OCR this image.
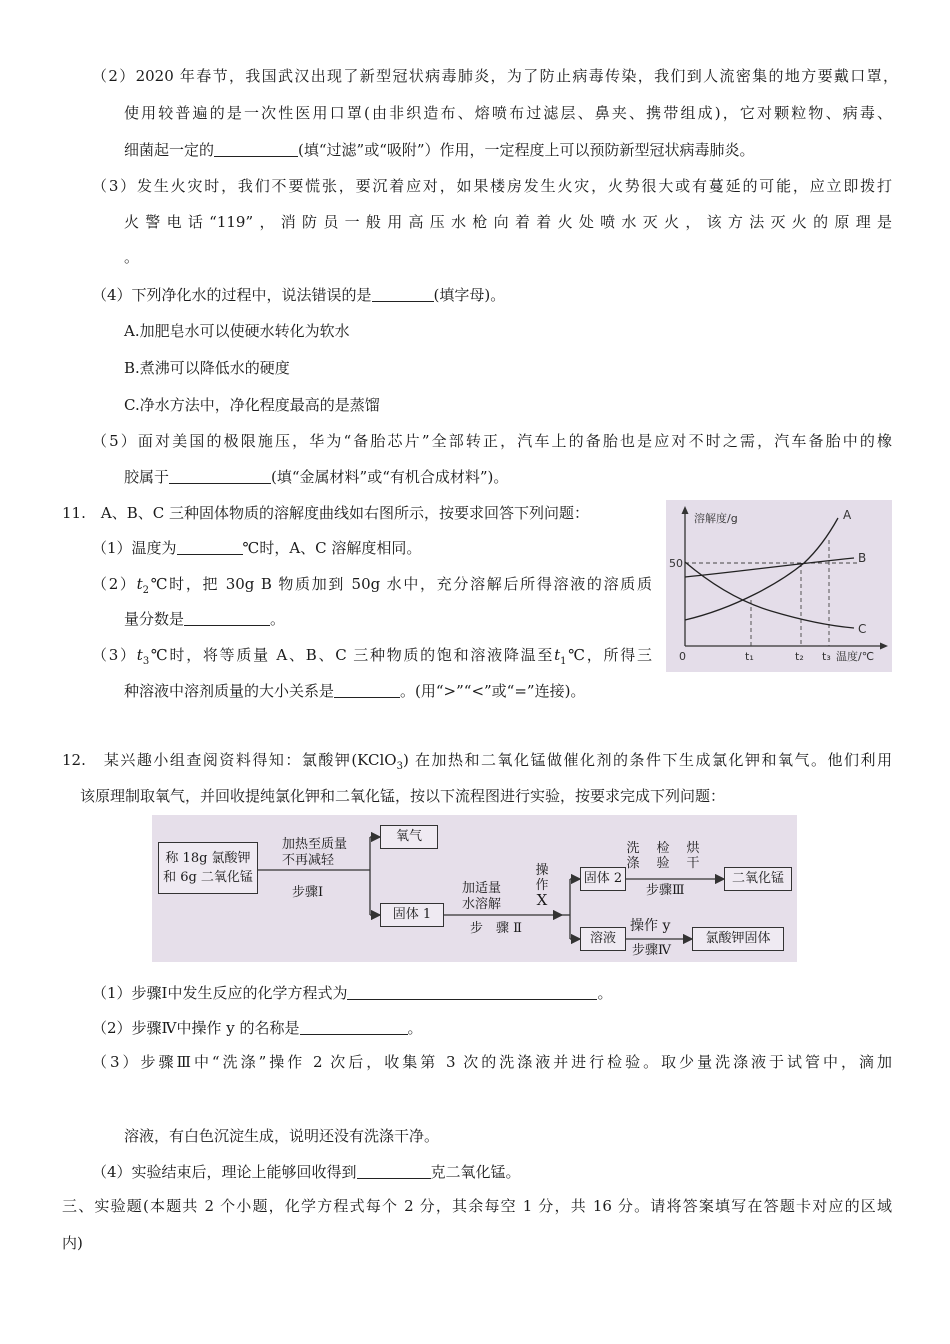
（2）2020 年春节，我国武汉出现了新型冠状病毒肺炎，为了防止病毒传染，我们到人流密集的地方要戴口罩，
使用较普遍的是一次性医用口罩(由非织造布、熔喷布过滤层、鼻夹、携带组成)，它对颗粒物、病毒、
细菌起一定的	(填“过滤”或“吸附”）作用，一定程度上可以预防新型冠状病毒肺炎。
（3）发生火灾时，我们不要慌张，要沉着应对，如果楼房发生火灾，火势很大或有蔓延的可能，应立即拨打
火警电话“119”，消防员一般用高压水枪向着着火处喷水灭火，该方法灭火的原理是
。
（4）下列净化水的过程中，说法错误的是	(填字母)。
A.加肥皂水可以使硬水转化为软水
B.煮沸可以降低水的硬度
C.净水方法中，净化程度最高的是蒸馏
（5）面对美国的极限施压，华为“备胎芯片”全部转正，汽车上的备胎也是应对不时之需，汽车备胎中的橡
胶属于	(填“金属材料”或“有机合成材料”)。
11.　A、B、C 三种固体物质的溶解度曲线如右图所示，按要求回答下列问题：
（1）温度为	℃时，A、C 溶解度相同。
$(2)t_2℃$时，把 30g B 物质加到 50g 水中，充分溶解后所得溶液的溶质质
量分数是	。
$(3)t_3℃$时，将等质量 A、B、C 三种物质的饱和溶液降温至$t_1℃$，所得三
种溶液中溶剂质量的大小关系是	。(用“>”“<”或“=”连接)。
溶解度/g
50
A
B
C
0	t₁	t₂ t₃ 温度/℃
12.　某兴趣小组查阅资料得知：氯酸钾(KClO$_3$) 在加热和二氧化锰做催化剂的条件下生成氯化钾和氧气。他们利用
该原理制取氧气，并回收提纯氯化钾和二氧化锰，按以下流程图进行实验，按要求完成下列问题：
称 18g 氯酸钾
和 6g 二氧化锰
加热至质量
不再减轻
步骤Ⅰ
氧气
固体 1
加适量
水溶解
步　骤 Ⅱ
操
作
X
固体 2
溶液
洗
涤
检
验
烘
干
步骤Ⅲ
二氧化锰
操作 y
步骤Ⅳ
氯酸钾固体
（1）步骤Ⅰ中发生反应的化学方程式为	。
（2）步骤Ⅳ中操作 y 的名称是	。
（3）步骤Ⅲ中“洗涤”操作 2 次后，收集第 3 次的洗涤液并进行检验。取少量洗涤液于试管中，滴加
溶液，有白色沉淀生成，说明还没有洗涤干净。
（4）实验结束后，理论上能够回收得到	克二氧化锰。
三、实验题(本题共 2 个小题，化学方程式每个 2 分，其余每空 1 分，共 16 分。请将答案填写在答题卡对应的区域
内)
